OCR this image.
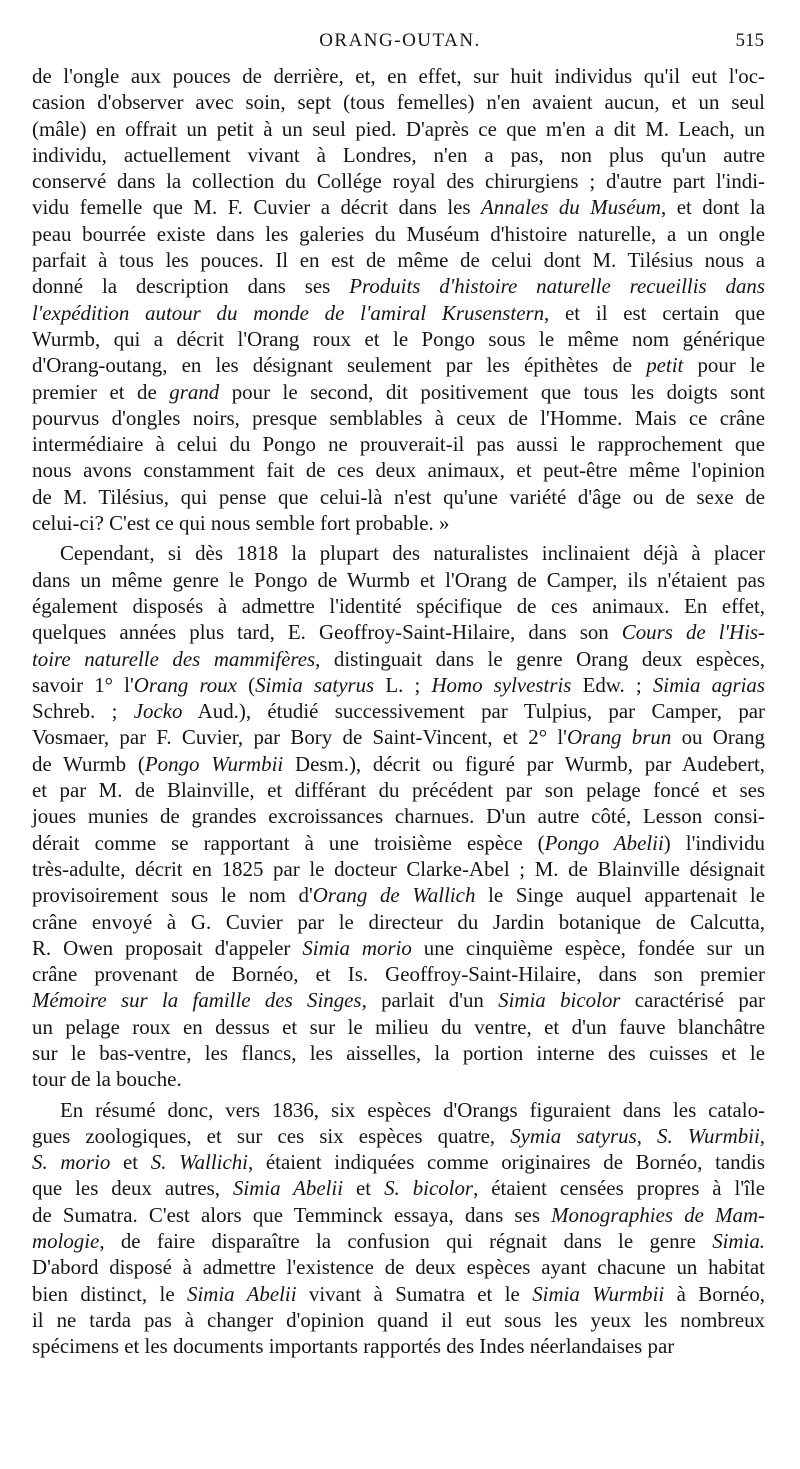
ORANG-OUTAN.	515

de l'ongle aux pouces de derrière, et, en effet, sur huit individus qu'il eut l'oc-

casion d'observer avec soin, sept (tous femelles) n'en avaient aucun, et un seul

(mâle) en offrait un petit à un seul pied. D'après ce que m'en a dit M. Leach, un

individu, actuellement vivant à Londres, n'en a pas, non plus qu'un autre

conservé dans la collection du Collége royal des chirurgiens ; d'autre part l'indi-

vidu femelle que M. F. Cuvier a décrit dans les Annales du Muséum, et dont la

peau bourrée existe dans les galeries du Muséum d'histoire naturelle, a un ongle

parfait à tous les pouces. Il en est de même de celui dont M. Tilésius nous a

donné la description dans ses Produits d'histoire naturelle recueillis dans

l'expédition autour du monde de l'amiral Krusenstern, et il est certain que

Wurmb, qui a décrit l'Orang roux et le Pongo sous le même nom générique

d'Orang-outang, en les désignant seulement par les épithètes de petit pour le

premier et de grand pour le second, dit positivement que tous les doigts sont

pourvus d'ongles noirs, presque semblables à ceux de l'Homme. Mais ce crâne

intermédiaire à celui du Pongo ne prouverait-il pas aussi le rapprochement que

nous avons constamment fait de ces deux animaux, et peut-être même l'opinion

de M. Tilésius, qui pense que celui-là n'est qu'une variété d'âge ou de sexe de

celui-ci? C'est ce qui nous semble fort probable. »

Cependant, si dès 1818 la plupart des naturalistes inclinaient déjà à placer

dans un même genre le Pongo de Wurmb et l'Orang de Camper, ils n'étaient pas

également disposés à admettre l'identité spécifique de ces animaux. En effet,

quelques années plus tard, E. Geoffroy-Saint-Hilaire, dans son Cours de l'His-

toire naturelle des mammifères, distinguait dans le genre Orang deux espèces,

savoir 1° l'Orang roux (Simia satyrus L. ; Homo sylvestris Edw. ; Simia agrias

Schreb. ; Jocko Aud.), étudié successivement par Tulpius, par Camper, par

Vosmaer, par F. Cuvier, par Bory de Saint-Vincent, et 2° l'Orang brun ou Orang

de Wurmb (Pongo Wurmbii Desm.), décrit ou figuré par Wurmb, par Audebert,

et par M. de Blainville, et différant du précédent par son pelage foncé et ses

joues munies de grandes excroissances charnues. D'un autre côté, Lesson consi-

dérait comme se rapportant à une troisième espèce (Pongo Abelii) l'individu

très-adulte, décrit en 1825 par le docteur Clarke-Abel ; M. de Blainville désignait

provisoirement sous le nom d'Orang de Wallich le Singe auquel appartenait le

crâne envoyé à G. Cuvier par le directeur du Jardin botanique de Calcutta,

R. Owen proposait d'appeler Simia morio une cinquième espèce, fondée sur un

crâne provenant de Bornéo, et Is. Geoffroy-Saint-Hilaire, dans son premier

Mémoire sur la famille des Singes, parlait d'un Simia bicolor caractérisé par

un pelage roux en dessus et sur le milieu du ventre, et d'un fauve blanchâtre

sur le bas-ventre, les flancs, les aisselles, la portion interne des cuisses et le

tour de la bouche.

En résumé donc, vers 1836, six espèces d'Orangs figuraient dans les catalo-

gues zoologiques, et sur ces six espèces quatre, Symia satyrus, S. Wurmbii,

S. morio et S. Wallichi, étaient indiquées comme originaires de Bornéo, tandis

que les deux autres, Simia Abelii et S. bicolor, étaient censées propres à l'île

de Sumatra. C'est alors que Temminck essaya, dans ses Monographies de Mam-

mologie, de faire disparaître la confusion qui régnait dans le genre Simia.

D'abord disposé à admettre l'existence de deux espèces ayant chacune un habitat

bien distinct, le Simia Abelii vivant à Sumatra et le Simia Wurmbii à Bornéo,

il ne tarda pas à changer d'opinion quand il eut sous les yeux les nombreux

spécimens et les documents importants rapportés des Indes néerlandaises par
